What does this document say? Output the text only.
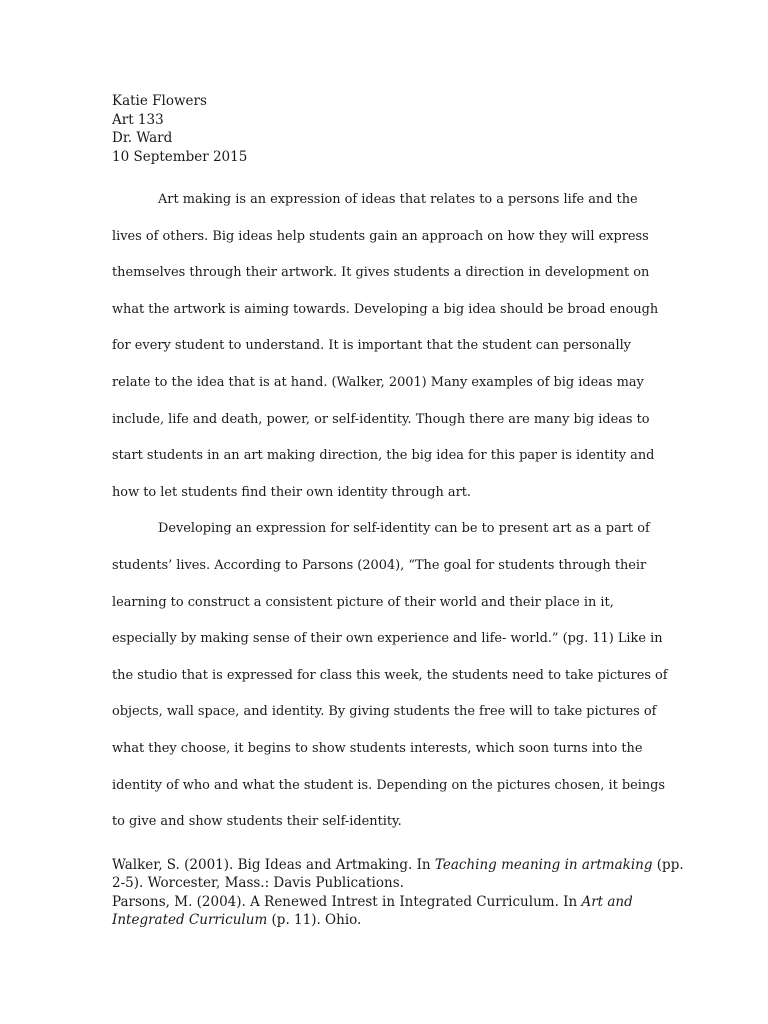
Katie Flowers
Art 133
Dr. Ward
10 September 2015
Art making is an expression of ideas that relates to a persons life and the
lives of others. Big ideas help students gain an approach on how they will express
themselves through their artwork. It gives students a direction in development on
what the artwork is aiming towards. Developing a big idea should be broad enough
for every student to understand. It is important that the student can personally
relate to the idea that is at hand. (Walker, 2001) Many examples of big ideas may
include, life and death, power, or self-identity. Though there are many big ideas to
start students in an art making direction, the big idea for this paper is identity and
how to let students find their own identity through art.
Developing an expression for self-identity can be to present art as a part of
students’ lives. According to Parsons (2004), “The goal for students through their
learning to construct a consistent picture of their world and their place in it,
especially by making sense of their own experience and life- world.” (pg. 11) Like in
the studio that is expressed for class this week, the students need to take pictures of
objects, wall space, and identity. By giving students the free will to take pictures of
what they choose, it begins to show students interests, which soon turns into the
identity of who and what the student is. Depending on the pictures chosen, it beings
to give and show students their self-identity.
Walker, S. (2001). Big Ideas and Artmaking. In Teaching meaning in artmaking (pp.
2-5). Worcester, Mass.: Davis Publications.
Parsons, M. (2004). A Renewed Intrest in Integrated Curriculum. In Art and
Integrated Curriculum (p. 11). Ohio.
